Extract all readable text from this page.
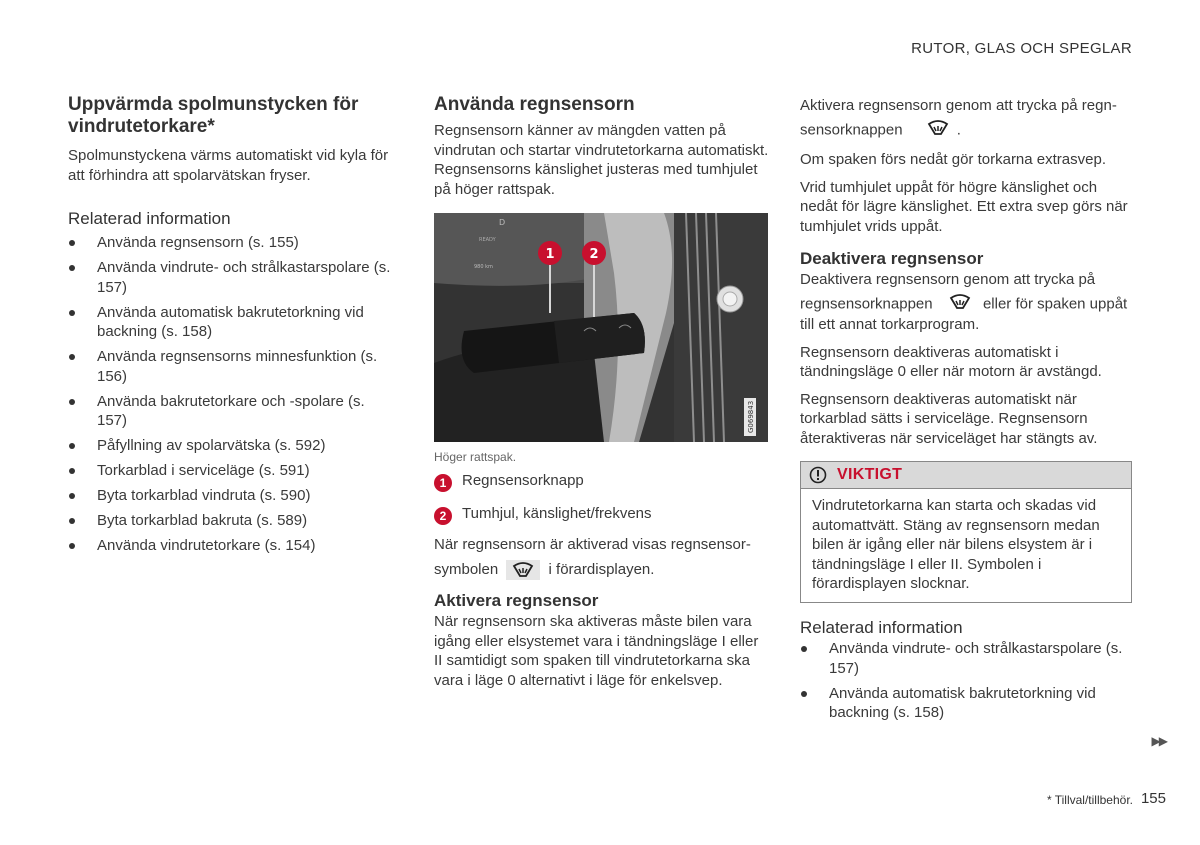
RUTOR, GLAS OCH SPEGLAR
Uppvärmda spolmunstycken för vindrutetorkare*

Spolmunstyckena värms automatiskt vid kyla för att förhindra att spolarvätskan fryser.

Relaterad information
Använda regnsensorn (s. 155)
Använda vindrute- och strålkastarspolare (s. 157)
Använda automatisk bakrutetorkning vid backning (s. 158)
Använda regnsensorns minnesfunktion (s. 156)
Använda bakrutetorkare och -spolare (s. 157)
Påfyllning av spolarvätska (s. 592)
Torkarblad i serviceläge (s. 591)
Byta torkarblad vindruta (s. 590)
Byta torkarblad bakruta (s. 589)
Använda vindrutetorkare (s. 154)
Använda regnsensorn

Regnsensorn känner av mängden vatten på vindrutan och startar vindrutetorkarna automatiskt. Regnsensorns känslighet justeras med tumhjulet på höger rattspak.

D
READY
980 km
1	2
G069843
Höger rattspak.
1	Regnsensorknapp
2	Tumhjul, känslighet/frekvens

När regnsensorn är aktiverad visas regnsensor-

symbolen	i förardisplayen.

Aktivera regnsensor

När regnsensorn ska aktiveras måste bilen vara igång eller elsystemet vara i tändningsläge I eller II samtidigt som spaken till vindrutetorkarna ska vara i läge 0 alternativt i läge för enkelsvep.

Aktivera regnsensorn genom att trycka på regn-

sensorknappen	.

Om spaken förs nedåt gör torkarna extrasvep.

Vrid tumhjulet uppåt för högre känslighet och nedåt för lägre känslighet. Ett extra svep görs när tumhjulet vrids uppåt.

Deaktivera regnsensor

Deaktivera regnsensorn genom att trycka på

regnsensorknappen	eller för spaken uppåt

till ett annat torkarprogram.

Regnsensorn deaktiveras automatiskt i tändningsläge 0 eller när motorn är avstängd.

Regnsensorn deaktiveras automatiskt när torkarblad sätts i serviceläge. Regnsensorn återaktiveras när serviceläget har stängts av.

VIKTIGT
Vindrutetorkarna kan starta och skadas vid automattvätt. Stäng av regnsensorn medan bilen är igång eller när bilens elsystem är i tändningsläge I eller II. Symbolen i förardisplayen slocknar.
Relaterad information
Använda vindrute- och strålkastarspolare (s. 157)
Använda automatisk bakrutetorkning vid backning (s. 158)
▶▶
* Tillval/tillbehör. 155
